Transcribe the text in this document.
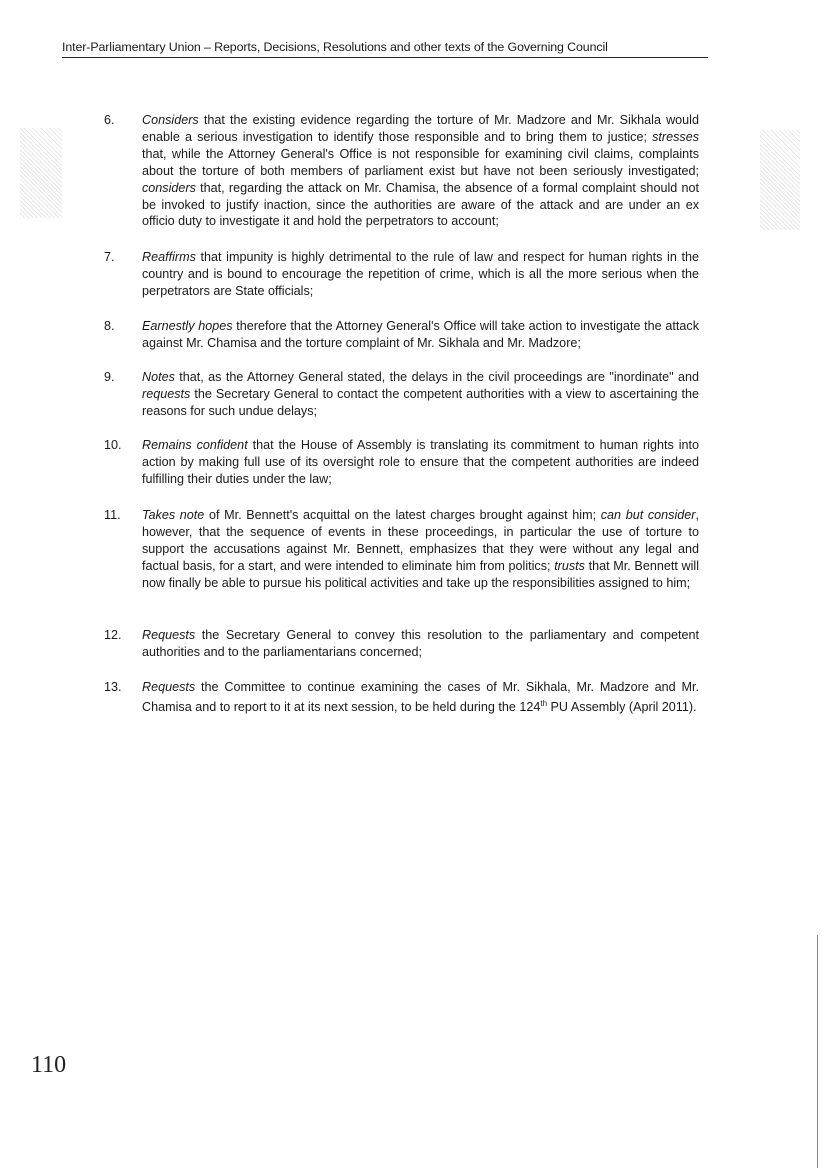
Inter-Parliamentary Union – Reports, Decisions, Resolutions and other texts of the Governing Council
6.	Considers that the existing evidence regarding the torture of Mr. Madzore and Mr. Sikhala would enable a serious investigation to identify those responsible and to bring them to justice; stresses that, while the Attorney General's Office is not responsible for examining civil claims, complaints about the torture of both members of parliament exist but have not been seriously investigated; considers that, regarding the attack on Mr. Chamisa, the absence of a formal complaint should not be invoked to justify inaction, since the authorities are aware of the attack and are under an ex officio duty to investigate it and hold the perpetrators to account;
7.	Reaffirms that impunity is highly detrimental to the rule of law and respect for human rights in the country and is bound to encourage the repetition of crime, which is all the more serious when the perpetrators are State officials;
8.	Earnestly hopes therefore that the Attorney General's Office will take action to investigate the attack against Mr. Chamisa and the torture complaint of Mr. Sikhala and Mr. Madzore;
9.	Notes that, as the Attorney General stated, the delays in the civil proceedings are "inordinate" and requests the Secretary General to contact the competent authorities with a view to ascertaining the reasons for such undue delays;
10.	Remains confident that the House of Assembly is translating its commitment to human rights into action by making full use of its oversight role to ensure that the competent authorities are indeed fulfilling their duties under the law;
11.	Takes note of Mr. Bennett's acquittal on the latest charges brought against him; can but consider, however, that the sequence of events in these proceedings, in particular the use of torture to support the accusations against Mr. Bennett, emphasizes that they were without any legal and factual basis, for a start, and were intended to eliminate him from politics; trusts that Mr. Bennett will now finally be able to pursue his political activities and take up the responsibilities assigned to him;
12.	Requests the Secretary General to convey this resolution to the parliamentary and competent authorities and to the parliamentarians concerned;
13.	Requests the Committee to continue examining the cases of Mr. Sikhala, Mr. Madzore and Mr. Chamisa and to report to it at its next session, to be held during the 124th PU Assembly (April 2011).
110
